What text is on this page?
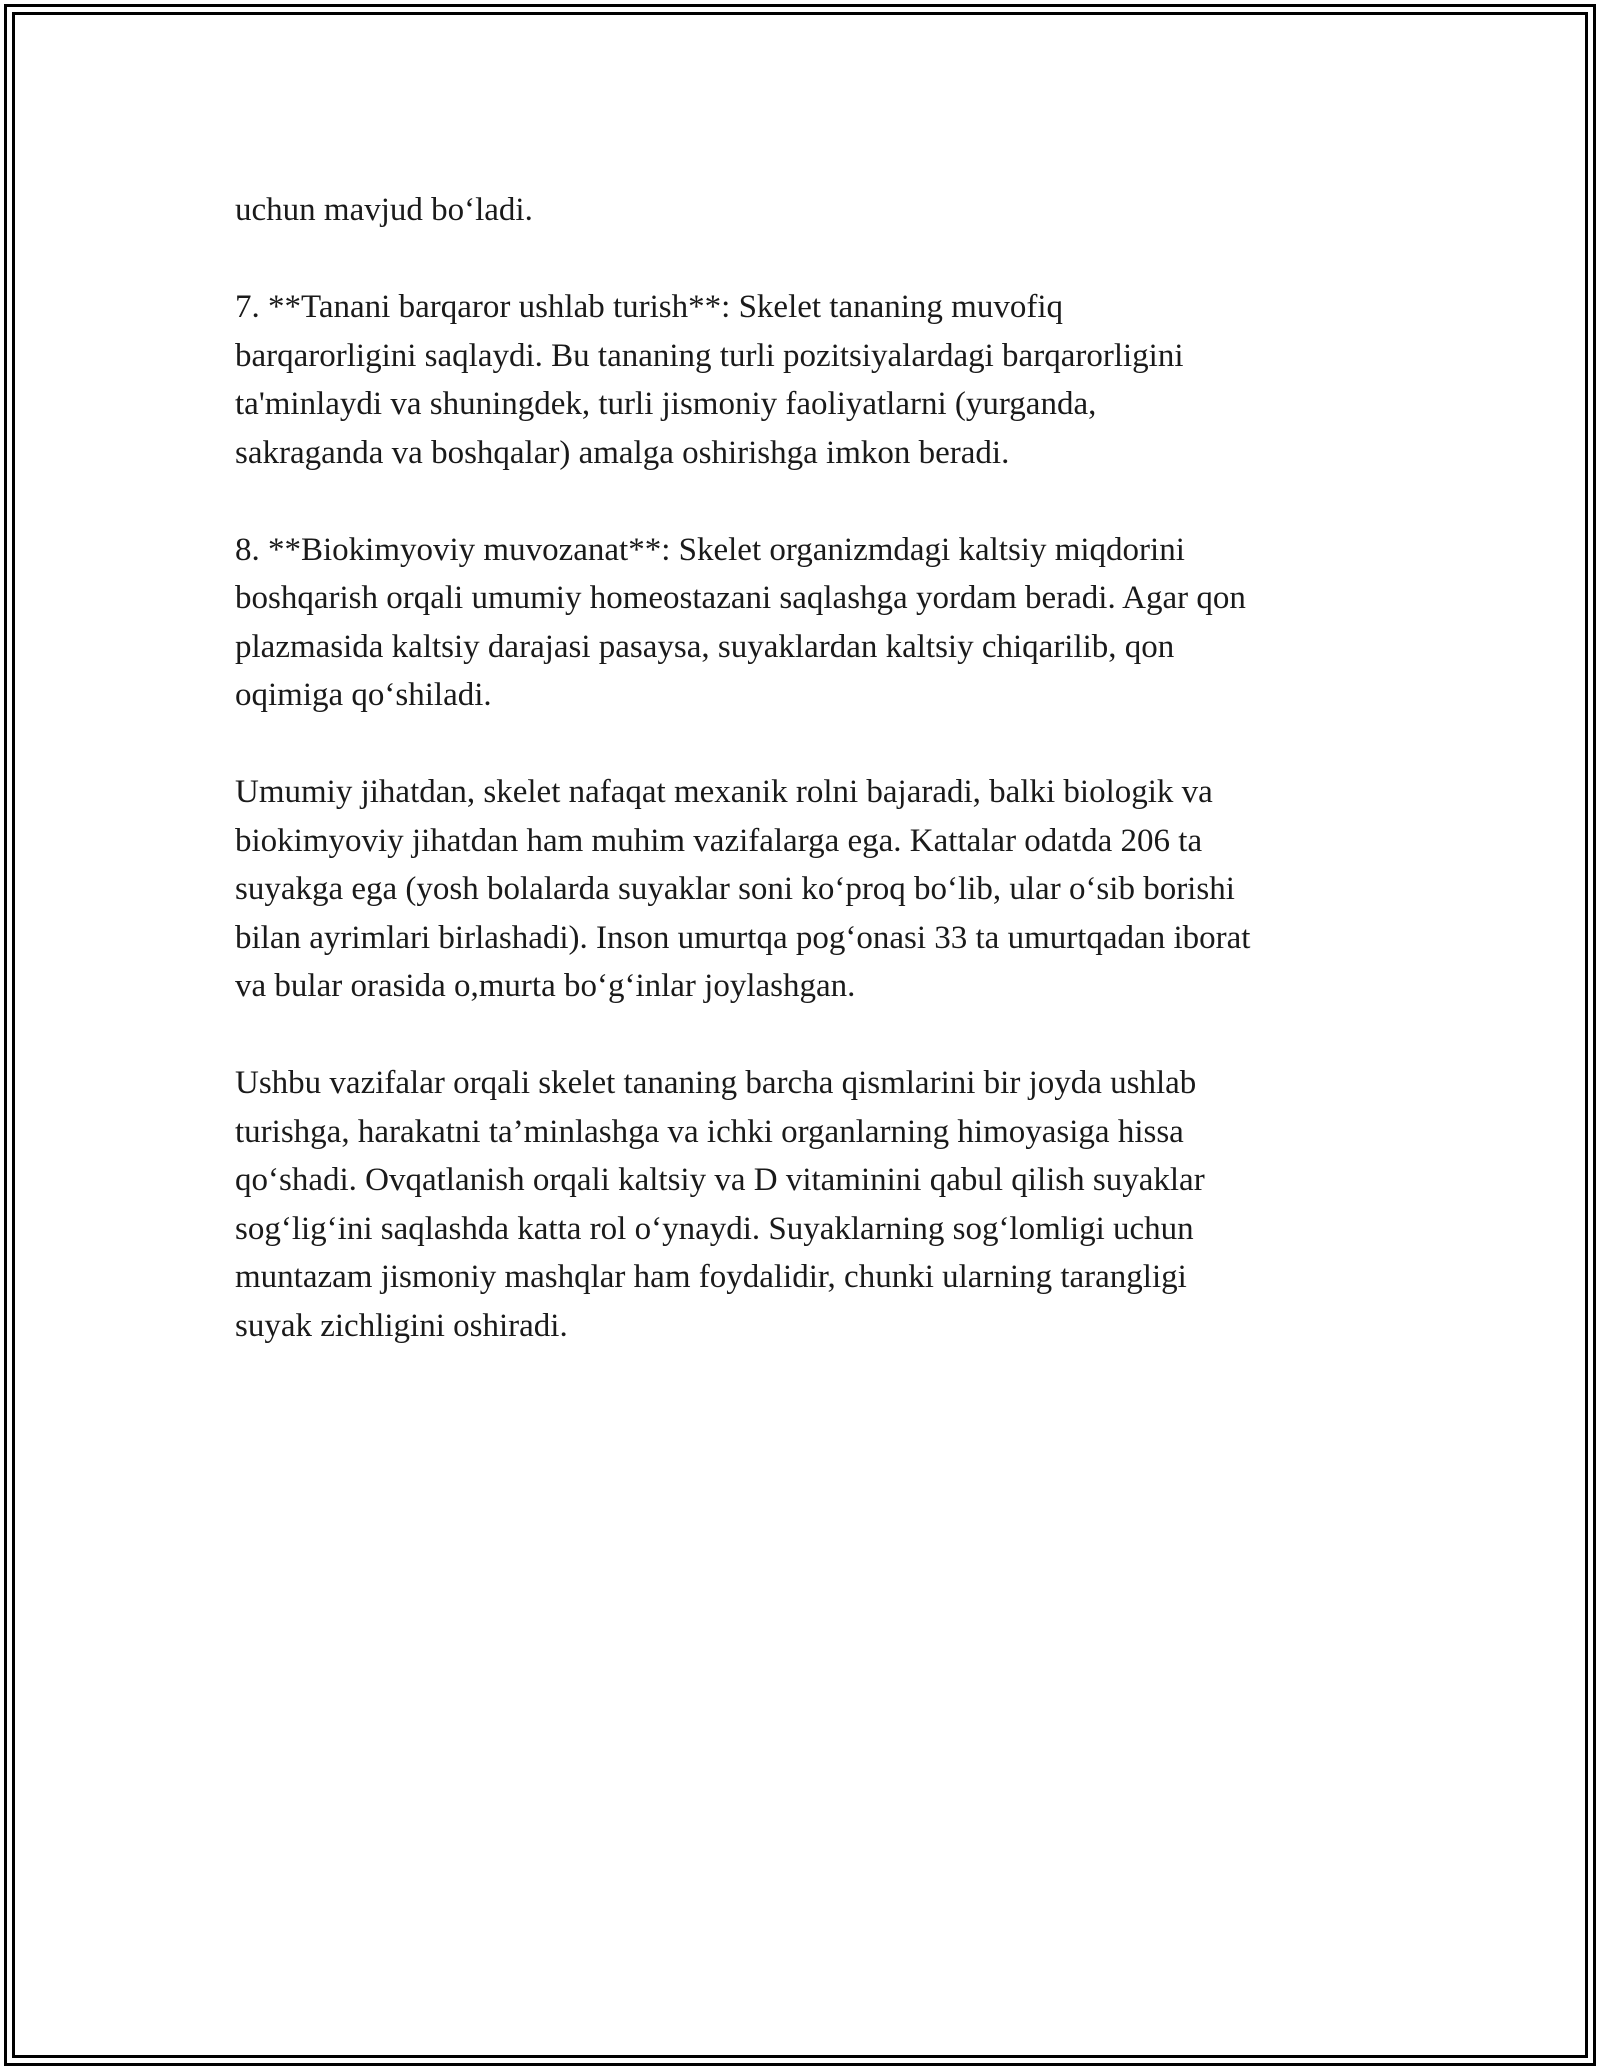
uchun mavjud bo‘ladi.

7. **Tanani barqaror ushlab turish**: Skelet tananing muvofiq
barqarorligini saqlaydi. Bu tananing turli pozitsiyalardagi barqarorligini
ta'minlaydi va shuningdek, turli jismoniy faoliyatlarni (yurganda,
sakraganda va boshqalar) amalga oshirishga imkon beradi.

8. **Biokimyoviy muvozanat**: Skelet organizmdagi kaltsiy miqdorini
boshqarish orqali umumiy homeostazani saqlashga yordam beradi. Agar qon
plazmasida kaltsiy darajasi pasaysa, suyaklardan kaltsiy chiqarilib, qon
oqimiga qo‘shiladi.

Umumiy jihatdan, skelet nafaqat mexanik rolni bajaradi, balki biologik va
biokimyoviy jihatdan ham muhim vazifalarga ega. Kattalar odatda 206 ta
suyakga ega (yosh bolalarda suyaklar soni ko‘proq bo‘lib, ular o‘sib borishi
bilan ayrimlari birlashadi). Inson umurtqa pog‘onasi 33 ta umurtqadan iborat
va bular orasida o,murta bo‘g‘inlar joylashgan.

Ushbu vazifalar orqali skelet tananing barcha qismlarini bir joyda ushlab
turishga, harakatni ta’minlashga va ichki organlarning himoyasiga hissa
qo‘shadi. Ovqatlanish orqali kaltsiy va D vitaminini qabul qilish suyaklar
sog‘lig‘ini saqlashda katta rol o‘ynaydi. Suyaklarning sog‘lomligi uchun
muntazam jismoniy mashqlar ham foydalidir, chunki ularning tarangligi
suyak zichligini oshiradi.
